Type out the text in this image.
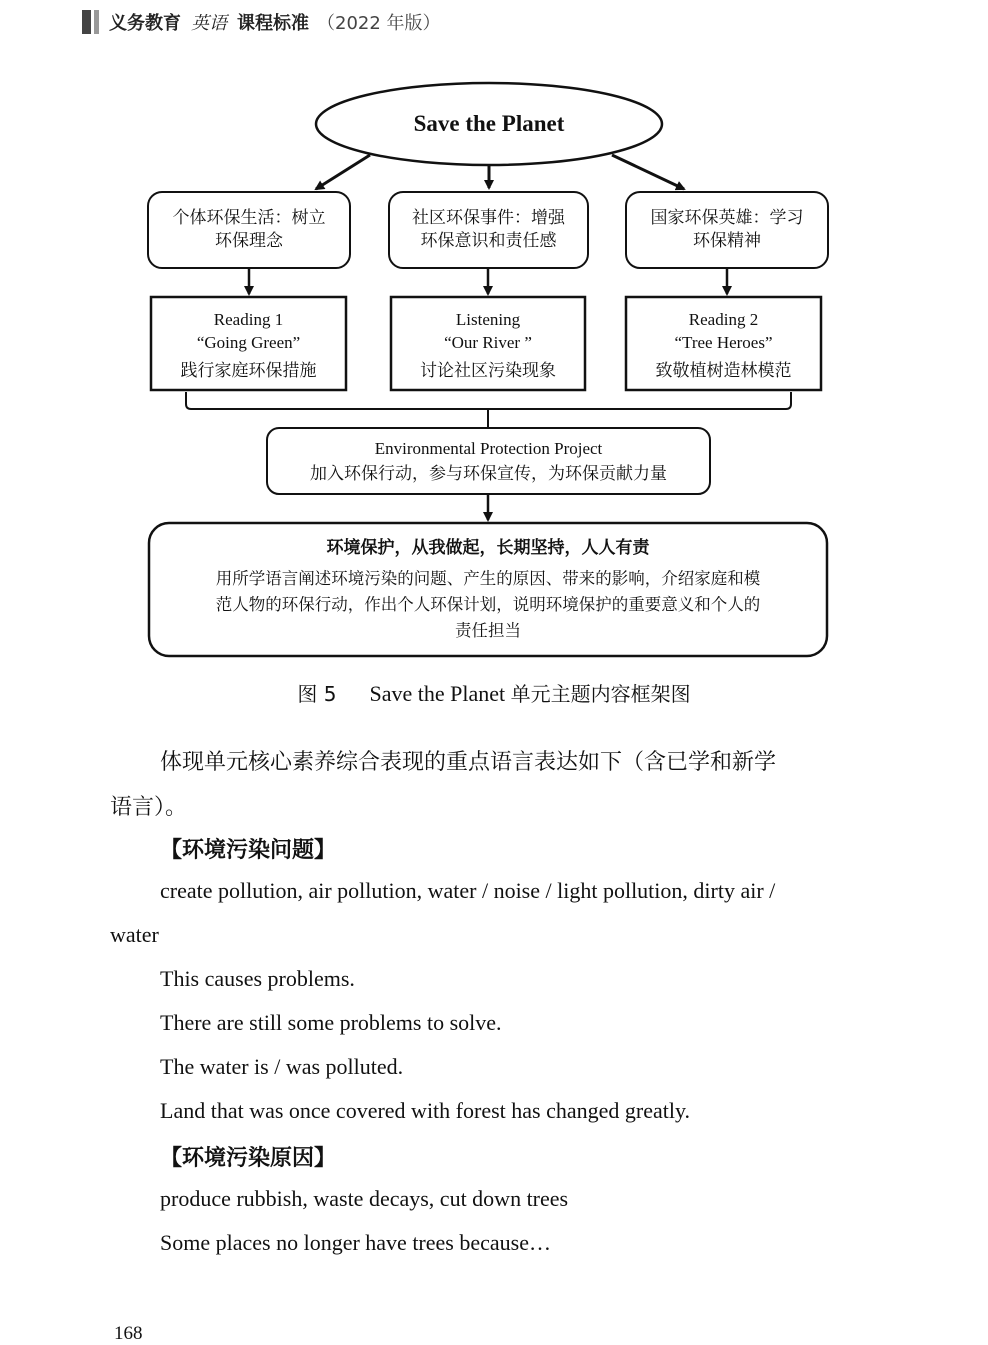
义务教育 英语 课程标准 （2022 年版）
Save the Planet
个体环保生活：树立
环保理念
社区环保事件：增强
环保意识和责任感
国家环保英雄：学习
环保精神
Reading 1
“Going Green”
践行家庭环保措施
Listening
“Our River ”
讨论社区污染现象
Reading 2
“Tree Heroes”
致敬植树造林模范
Environmental Protection Project
加入环保行动，参与环保宣传，为环保贡献力量
环境保护，从我做起，长期坚持，人人有责
用所学语言阐述环境污染的问题、产生的原因、带来的影响，介绍家庭和模
范人物的环保行动，作出个人环保计划，说明环境保护的重要意义和个人的
责任担当
图 5 Save the Planet 单元主题内容框架图
体现单元核心素养综合表现的重点语言表达如下（含已学和新学
语言）。
【环境污染问题】
create pollution, air pollution, water / noise / light pollution, dirty air /
water
This causes problems.
There are still some problems to solve.
The water is / was polluted.
Land that was once covered with forest has changed greatly.
【环境污染原因】
produce rubbish, waste decays, cut down trees
Some places no longer have trees because…
168
